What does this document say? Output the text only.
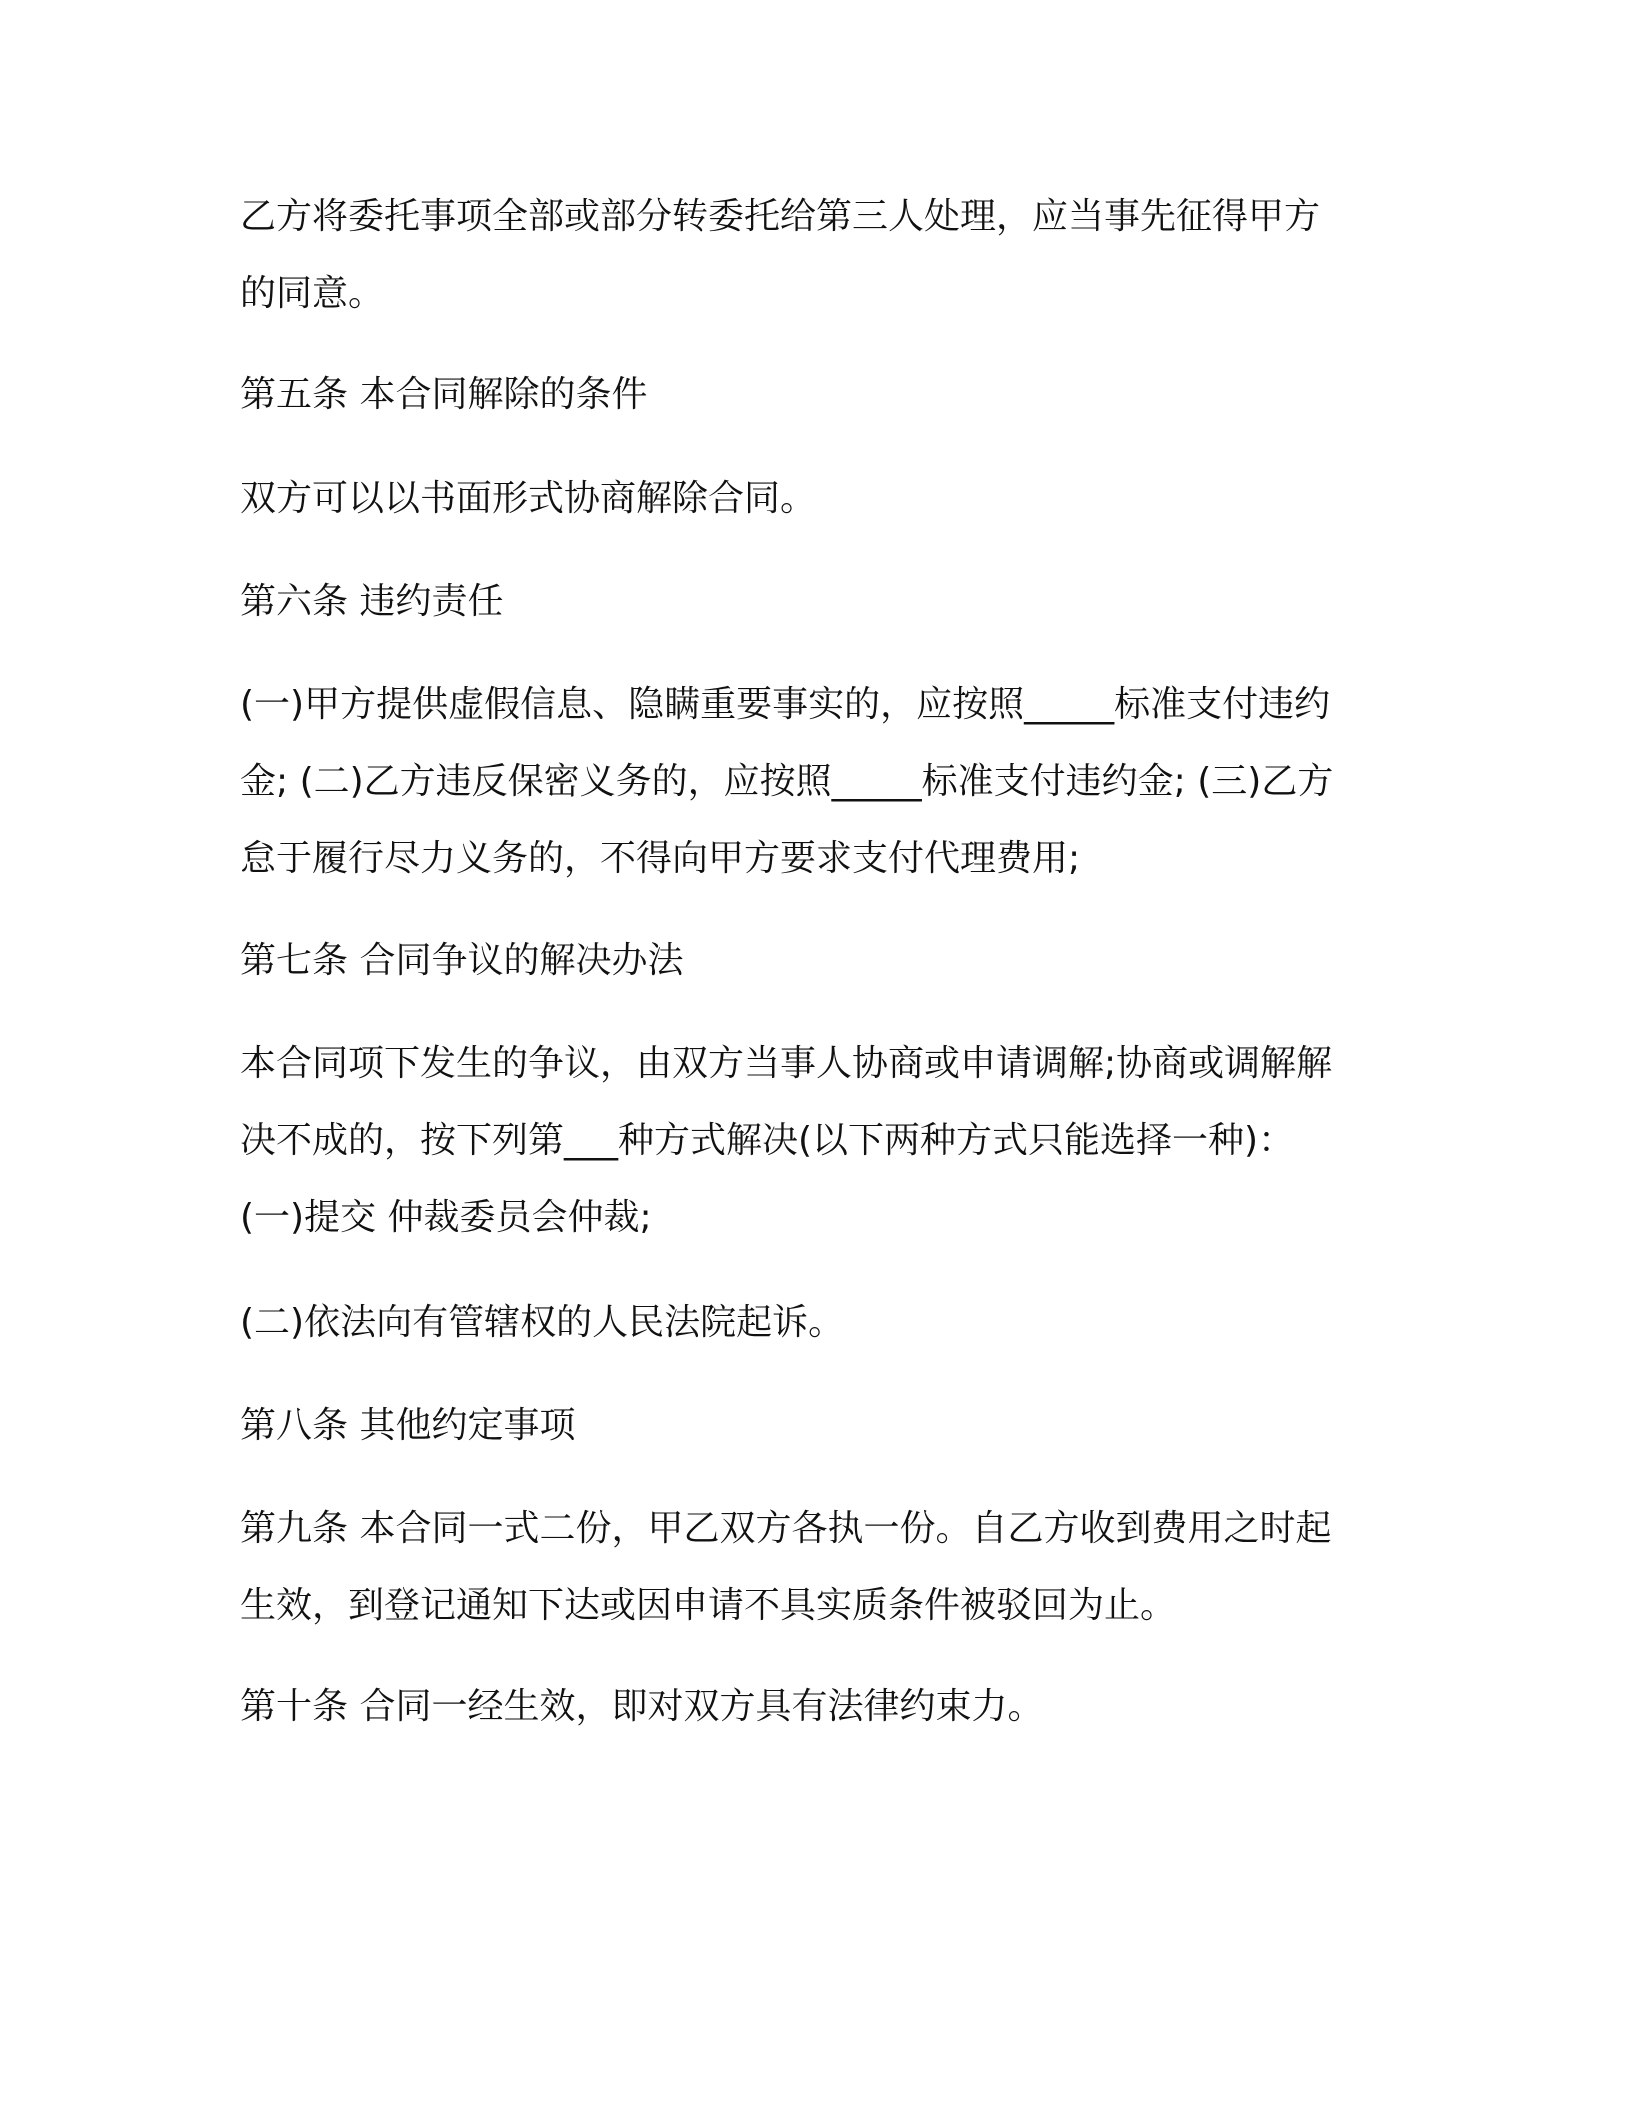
乙方将委托事项全部或部分转委托给第三人处理，应当事先征得甲方
的同意。

第五条 本合同解除的条件

双方可以以书面形式协商解除合同。

第六条 违约责任

(一)甲方提供虚假信息、隐瞒重要事实的，应按照_____标准支付违约
金; (二)乙方违反保密义务的，应按照_____标准支付违约金; (三)乙方
怠于履行尽力义务的，不得向甲方要求支付代理费用;

第七条 合同争议的解决办法

本合同项下发生的争议，由双方当事人协商或申请调解;协商或调解解
决不成的，按下列第___种方式解决(以下两种方式只能选择一种)：
(一)提交 仲裁委员会仲裁;

(二)依法向有管辖权的人民法院起诉。

第八条 其他约定事项

第九条 本合同一式二份，甲乙双方各执一份。自乙方收到费用之时起
生效，到登记通知下达或因申请不具实质条件被驳回为止。

第十条 合同一经生效，即对双方具有法律约束力。
